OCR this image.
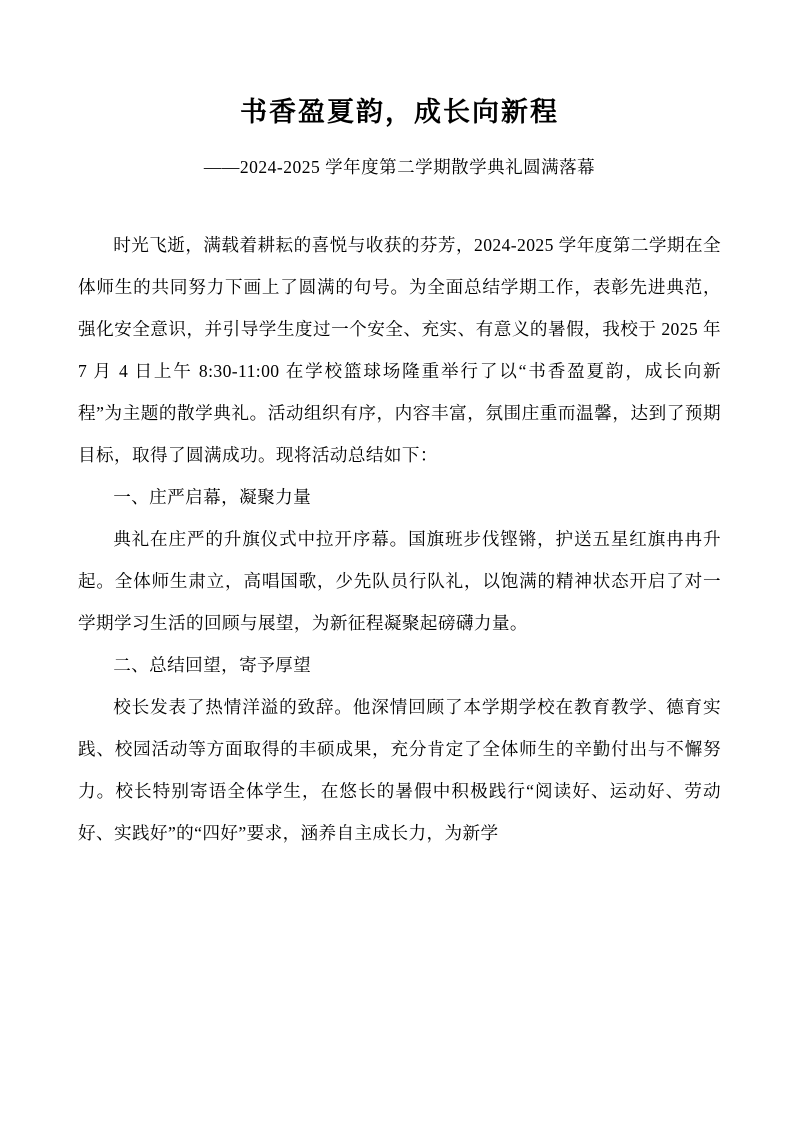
书香盈夏韵，成长向新程
——2024-2025 学年度第二学期散学典礼圆满落幕

时光飞逝，满载着耕耘的喜悦与收获的芬芳，2024-2025 学年度第二学期在全体师生的共同努力下画上了圆满的句号。为全面总结学期工作，表彰先进典范，强化安全意识，并引导学生度过一个安全、充实、有意义的暑假，我校于 2025 年 7 月 4 日上午 8:30-11:00 在学校篮球场隆重举行了以“书香盈夏韵，成长向新程”为主题的散学典礼。活动组织有序，内容丰富，氛围庄重而温馨，达到了预期目标，取得了圆满成功。现将活动总结如下：

一、庄严启幕，凝聚力量

典礼在庄严的升旗仪式中拉开序幕。国旗班步伐铿锵，护送五星红旗冉冉升起。全体师生肃立，高唱国歌，少先队员行队礼，以饱满的精神状态开启了对一学期学习生活的回顾与展望，为新征程凝聚起磅礴力量。

二、总结回望，寄予厚望

校长发表了热情洋溢的致辞。他深情回顾了本学期学校在教育教学、德育实践、校园活动等方面取得的丰硕成果，充分肯定了全体师生的辛勤付出与不懈努力。校长特别寄语全体学生，在悠长的暑假中积极践行“阅读好、运动好、劳动好、实践好”的“四好”要求，涵养自主成长力，为新学
